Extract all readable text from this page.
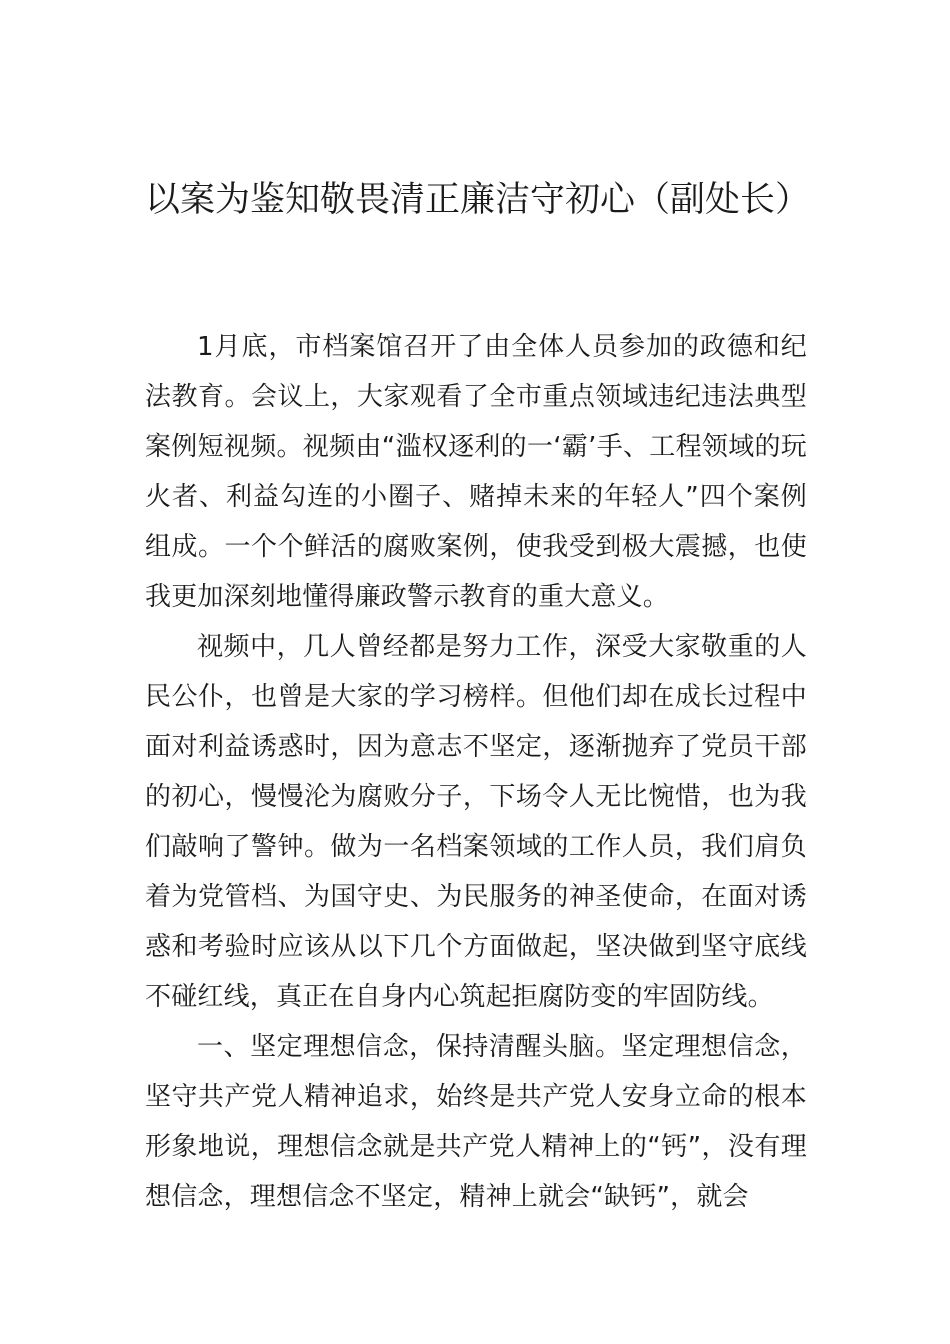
以案为鉴知敬畏清正廉洁守初心（副处长）

1月底，市档案馆召开了由全体人员参加的政德和纪法教育。会议上，大家观看了全市重点领域违纪违法典型案例短视频。视频由“滥权逐利的一‘霸’手、工程领域的玩火者、利益勾连的小圈子、赌掉未来的年轻人”四个案例组成。一个个鲜活的腐败案例，使我受到极大震撼，也使我更加深刻地懂得廉政警示教育的重大意义。

视频中，几人曾经都是努力工作，深受大家敬重的人民公仆，也曾是大家的学习榜样。但他们却在成长过程中面对利益诱惑时，因为意志不坚定，逐渐抛弃了党员干部的初心，慢慢沦为腐败分子，下场令人无比惋惜，也为我们敲响了警钟。做为一名档案领域的工作人员，我们肩负着为党管档、为国守史、为民服务的神圣使命，在面对诱惑和考验时应该从以下几个方面做起，坚决做到坚守底线不碰红线，真正在自身内心筑起拒腐防变的牢固防线。

一、坚定理想信念，保持清醒头脑。坚定理想信念，坚守共产党人精神追求，始终是共产党人安身立命的根本形象地说，理想信念就是共产党人精神上的“钙”，没有理想信念，理想信念不坚定，精神上就会“缺钙”，就会
